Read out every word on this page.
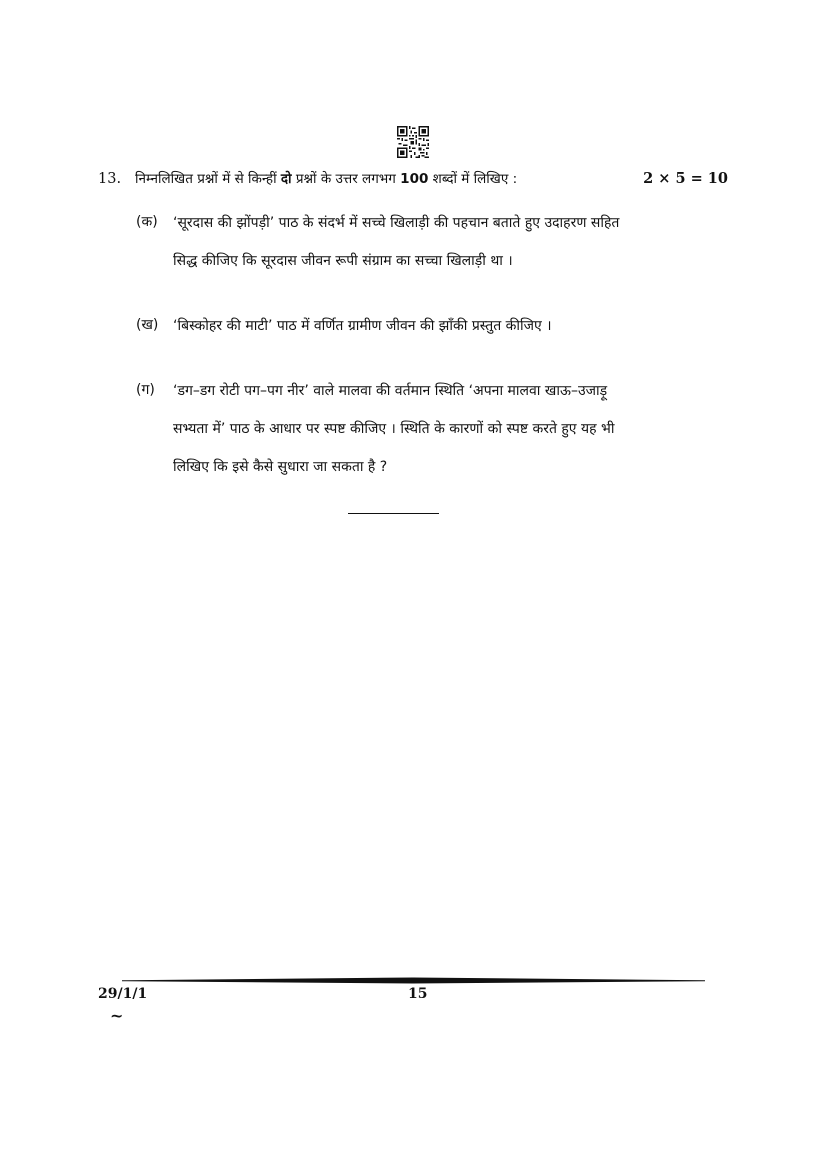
13. निम्नलिखित प्रश्नों में से किन्हीं दो प्रश्नों के उत्तर लगभग 100 शब्दों में लिखिए :	2 × 5 = 10
(क) ‘सूरदास की झोंपड़ी’ पाठ के संदर्भ में सच्चे खिलाड़ी की पहचान बताते हुए उदाहरण सहित
सिद्ध कीजिए कि सूरदास जीवन रूपी संग्राम का सच्चा खिलाड़ी था ।
(ख) ‘बिस्कोहर की माटी’ पाठ में वर्णित ग्रामीण जीवन की झाँकी प्रस्तुत कीजिए ।
(ग) ‘डग–डग रोटी पग–पग नीर’ वाले मालवा की वर्तमान स्थिति ‘अपना मालवा खाऊ–उजाड़ू
सभ्यता में’ पाठ के आधार पर स्पष्ट कीजिए । स्थिति के कारणों को स्पष्ट करते हुए यह भी
लिखिए कि इसे कैसे सुधारा जा सकता है ?
29/1/1	15
~
